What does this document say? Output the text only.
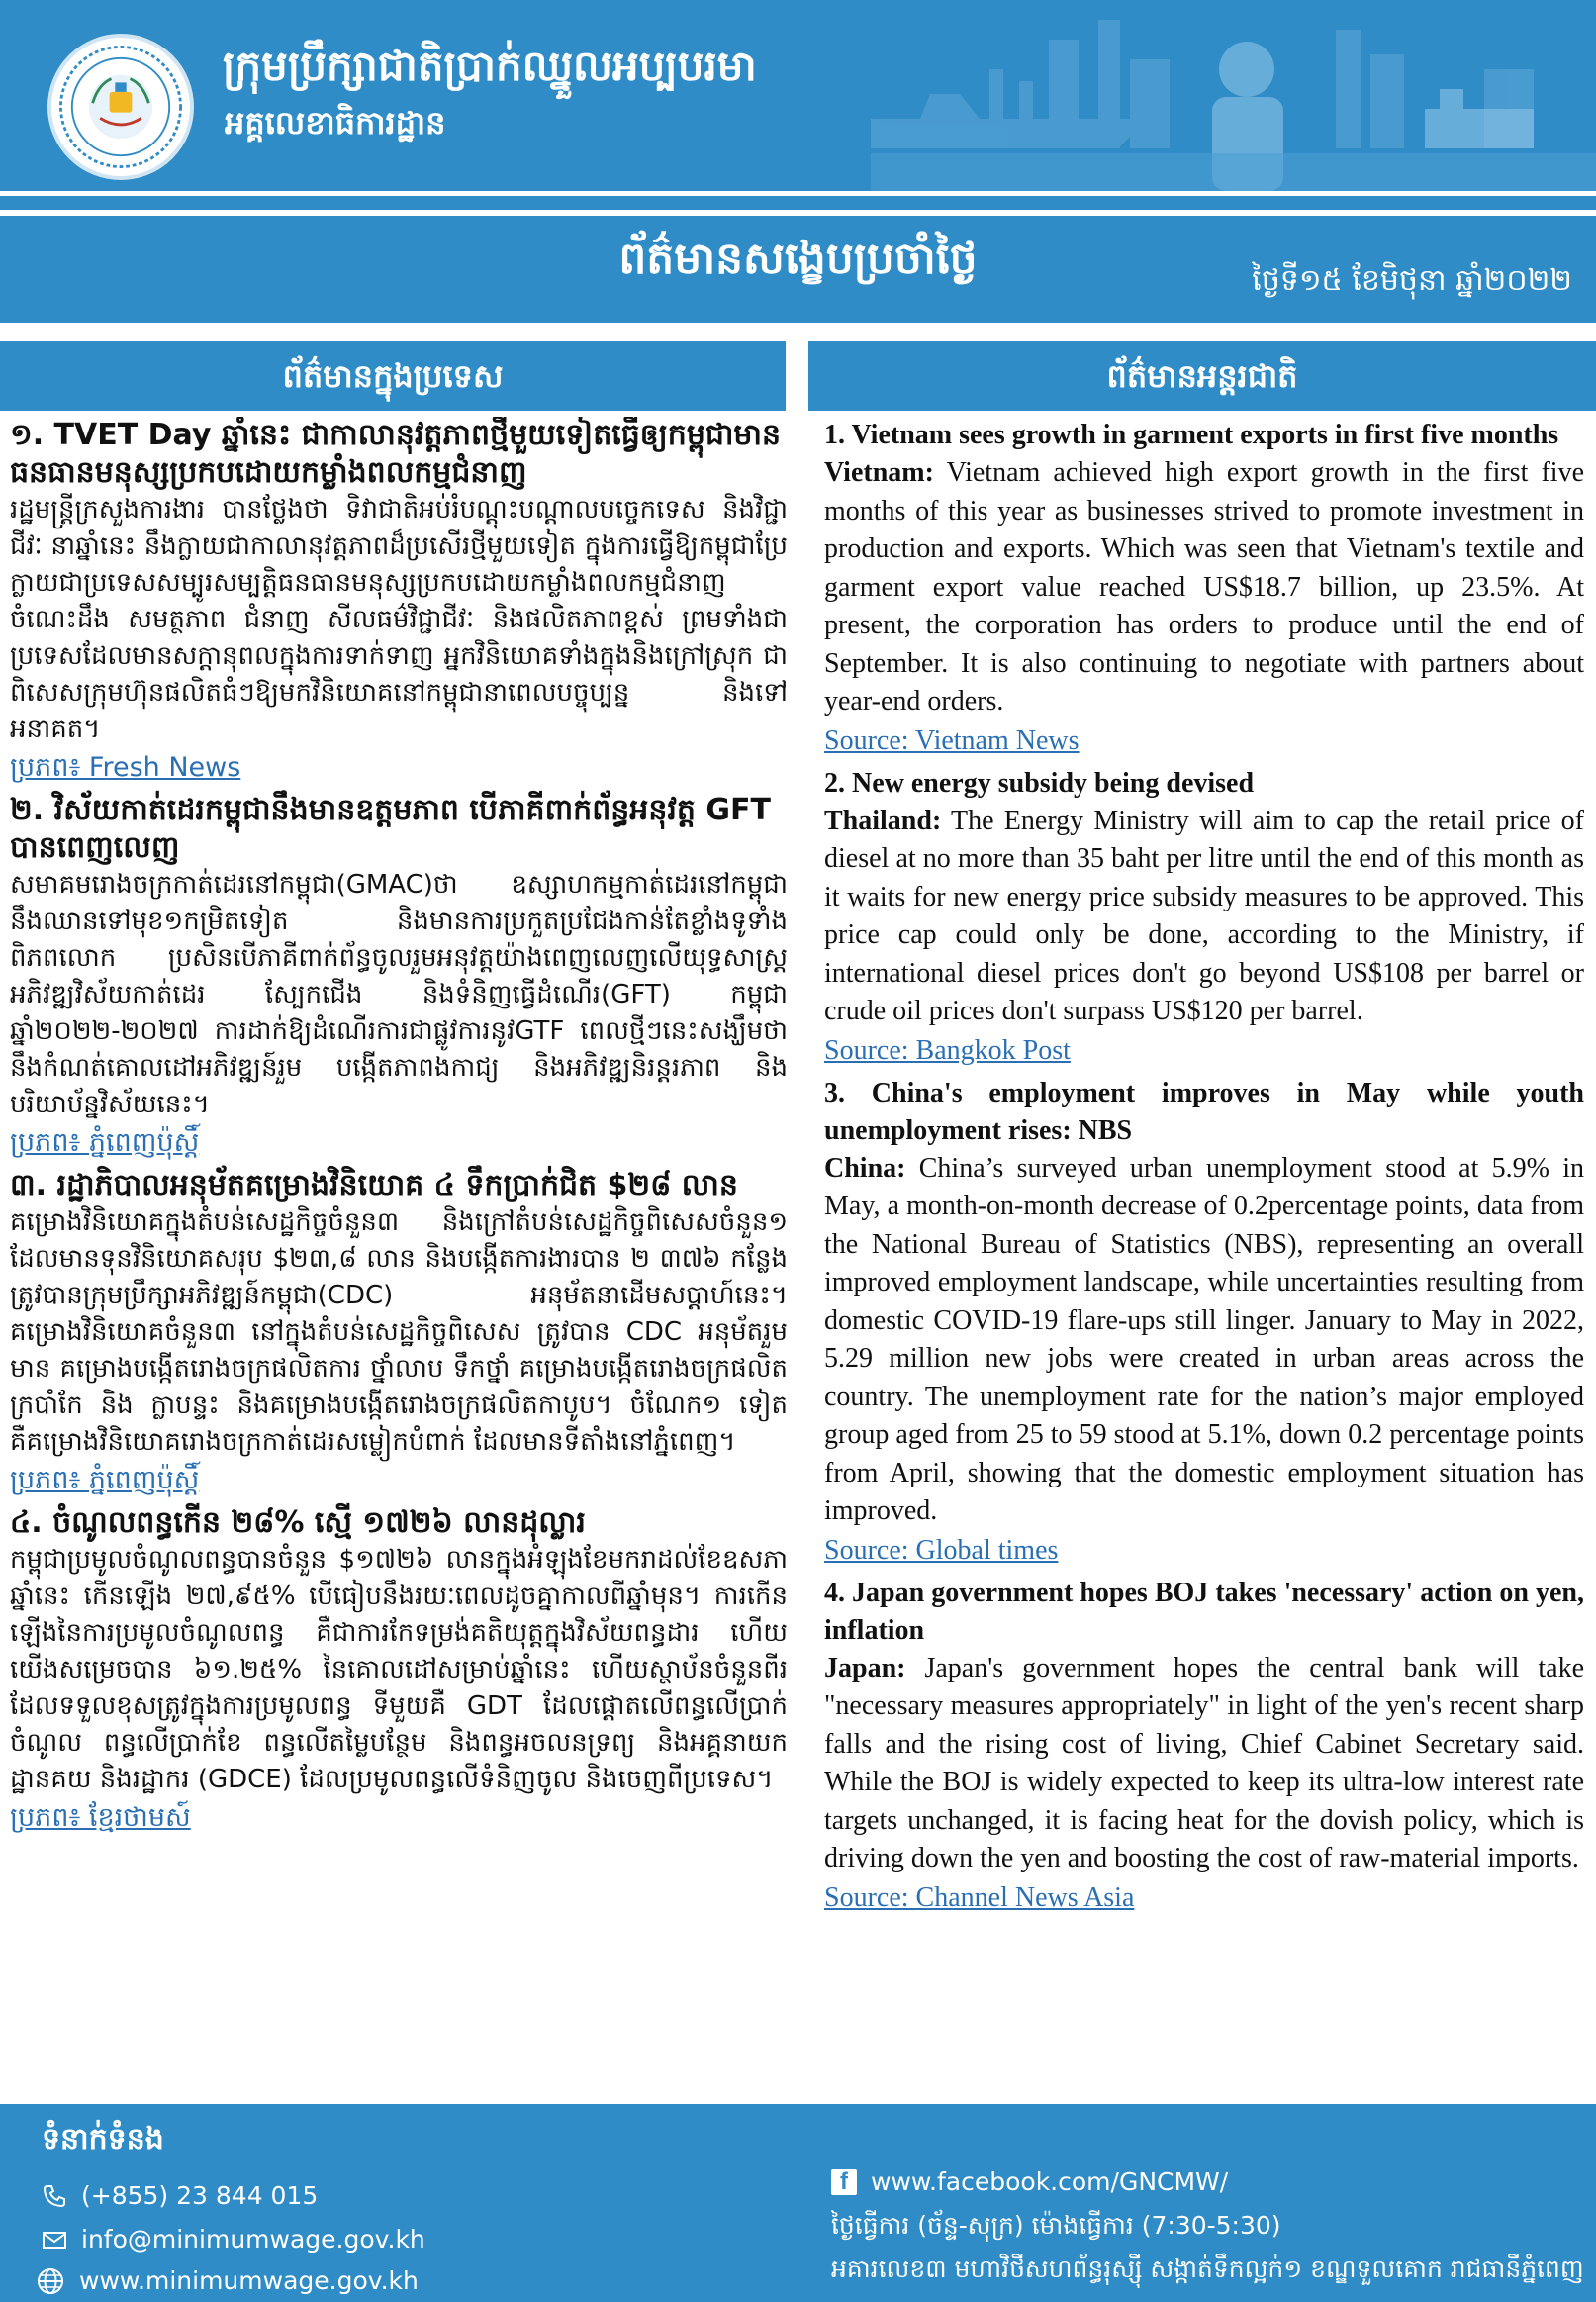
ក្រុមប្រឹក្សាជាតិប្រាក់ឈ្នួលអប្បបរមា
អគ្គលេខាធិការដ្ឋាន
ព័ត៌មានសង្ខេបប្រចាំថ្ងៃ	ថ្ងៃទី១៥ ខែមិថុនា ឆ្នាំ២០២២
ព័ត៌មានក្នុងប្រទេស	ព័ត៌មានអន្តរជាតិ
១. TVET Day ឆ្នាំនេះ ជាកាលានុវត្តភាពថ្មីមួយទៀតធ្វើឲ្យកម្ពុជាមានធនធានមនុស្សប្រកបដោយកម្លាំងពលកម្មជំនាញ
រដ្ឋមន្ត្រីក្រសួងការងារ បានថ្លែងថា ទិវាជាតិអប់រំបណ្តុះបណ្តាលបច្ចេកទេស និងវិជ្ជាជីវៈ នាឆ្នាំនេះ នឹងក្លាយជាកាលានុវត្តភាពដ៏ប្រសើរថ្មីមួយទៀត ក្នុងការធ្វើឱ្យកម្ពុជាប្រែក្លាយជាប្រទេសសម្បូរសម្បត្តិធនធានមនុស្សប្រកបដោយកម្លាំងពលកម្មជំនាញ ចំណេះដឹង សមត្ថភាព ជំនាញ សីលធម៌វិជ្ជាជីវៈ និងផលិតភាពខ្ពស់ ព្រមទាំងជាប្រទេសដែលមានសក្តានុពលក្នុងការទាក់ទាញ អ្នកវិនិយោគទាំងក្នុងនិងក្រៅស្រុក ជាពិសេសក្រុមហ៊ុនផលិតធំៗឱ្យមកវិនិយោគនៅកម្ពុជានាពេលបច្ចុប្បន្ន និងទៅអនាគត។
ប្រភព៖ Fresh News
២. វិស័យកាត់ដេរកម្ពុជានឹងមានឧត្តមភាព បើភាគីពាក់ព័ន្ធអនុវត្ត GFT បានពេញលេញ
សមាគមរោងចក្រកាត់ដេរនៅកម្ពុជា(GMAC)ថា ឧស្សាហកម្មកាត់ដេរនៅកម្ពុជានឹងឈានទៅមុខ១កម្រិតទៀត និងមានការប្រកួតប្រជែងកាន់តែខ្លាំងទូទាំងពិភពលោក ប្រសិនបើភាគីពាក់ព័ន្ធចូលរួមអនុវត្តយ៉ាងពេញលេញលើយុទ្ធសាស្ត្រអភិវឌ្ឍវិស័យកាត់ដេរ ស្បែកជើង និងទំនិញធ្វើដំណើរ(GFT) កម្ពុជាឆ្នាំ២០២២-២០២៧ ការដាក់ឱ្យដំណើរការជាផ្លូវការនូវGTF ពេលថ្មីៗនេះសង្ឃឹមថានឹងកំណត់គោលដៅអភិវឌ្ឍន៍រួម បង្កើតភាពងកាជ្យ និងអភិវឌ្ឍនិរន្តរភាព និងបរិយាប័ន្នវិស័យនេះ។
ប្រភព៖ ភ្នំពេញប៉ុស្តិ៍
៣. រដ្ឋាភិបាលអនុម័តគម្រោងវិនិយោគ ៤ ទឹកប្រាក់ជិត $២៨ លាន
គម្រោងវិនិយោគក្នុងតំបន់សេដ្ឋកិច្ចចំនួន៣ និងក្រៅតំបន់សេដ្ឋកិច្ចពិសេសចំនួន១ ដែលមានទុនវិនិយោគសរុប $២៣,៨ លាន និងបង្កើតការងារបាន ២ ៣៧៦ កន្លែង ត្រូវបានក្រុមប្រឹក្សាអភិវឌ្ឍន៍កម្ពុជា(CDC) អនុម័តនាដើមសប្តាហ៍នេះ។ គម្រោងវិនិយោគចំនួន៣ នៅក្នុងតំបន់សេដ្ឋកិច្ចពិសេស ត្រូវបាន CDC អនុម័តរួមមាន គម្រោងបង្កើតរោងចក្រផលិតការ ថ្នាំលាប ទឹកថ្នាំ គម្រោងបង្កើតរោងចក្រផលិតក្របាំកែ និង ក្លាបន្ទះ និងគម្រោងបង្កើតរោងចក្រផលិតកាបូប។ ចំណែក១ ទៀត គឺគម្រោងវិនិយោគរោងចក្រកាត់ដេរសម្លៀកបំពាក់ ដែលមានទីតាំងនៅភ្នំពេញ។
ប្រភព៖ ភ្នំពេញប៉ុស្តិ៍
៤. ចំណូលពន្ធកើន ២៨% ស្មើ ១៧២៦ លានដុល្លារ
កម្ពុជាប្រមូលចំណូលពន្ធបានចំនួន $១៧២៦ លានក្នុងអំឡុងខែមករាដល់ខែឧសភាឆ្នាំនេះ កើនឡើង ២៧,៩៥% បើធៀបនឹងរយៈពេលដូចគ្នាកាលពីឆ្នាំមុន។ ការកើនឡើងនៃការប្រមូលចំណូលពន្ធ គឺជាការកែទម្រង់គតិយុត្តក្នុងវិស័យពន្ធដារ ហើយយើងសម្រេចបាន ៦១.២៥% នៃគោលដៅសម្រាប់ឆ្នាំនេះ ហើយស្ថាប័នចំនួនពីរ ដែលទទួលខុសត្រូវក្នុងការប្រមូលពន្ធ ទីមួយគឺ GDT ដែលផ្តោតលើពន្ធលើប្រាក់ចំណូល ពន្ធលើប្រាក់ខែ ពន្ធលើតម្លៃបន្ថែម និងពន្ធអចលនទ្រព្យ និងអគ្គនាយកដ្ឋានគយ និងរដ្ឋាករ (GDCE) ដែលប្រមូលពន្ធលើទំនិញចូល និងចេញពីប្រទេស។
ប្រភព៖ ខ្មែរថាមស៍
1. Vietnam sees growth in garment exports in first five months
Vietnam: Vietnam achieved high export growth in the first five months of this year as businesses strived to promote investment in production and exports. Which was seen that Vietnam's textile and garment export value reached US$18.7 billion, up 23.5%. At present, the corporation has orders to produce until the end of September. It is also continuing to negotiate with partners about year-end orders.
Source: Vietnam News
2. New energy subsidy being devised
Thailand: The Energy Ministry will aim to cap the retail price of diesel at no more than 35 baht per litre until the end of this month as it waits for new energy price subsidy measures to be approved. This price cap could only be done, according to the Ministry, if international diesel prices don't go beyond US$108 per barrel or crude oil prices don't surpass US$120 per barrel.
Source: Bangkok Post
3. China's employment improves in May while youth unemployment rises: NBS
China: China’s surveyed urban unemployment stood at 5.9% in May, a month-on-month decrease of 0.2percentage points, data from the National Bureau of Statistics (NBS), representing an overall improved employment landscape, while uncertainties resulting from domestic COVID-19 flare-ups still linger. January to May in 2022, 5.29 million new jobs were created in urban areas across the country. The unemployment rate for the nation’s major employed group aged from 25 to 59 stood at 5.1%, down 0.2 percentage points from April, showing that the domestic employment situation has improved.
Source: Global times
4. Japan government hopes BOJ takes 'necessary' action on yen, inflation
Japan: Japan's government hopes the central bank will take "necessary measures appropriately" in light of the yen's recent sharp falls and the rising cost of living, Chief Cabinet Secretary said. While the BOJ is widely expected to keep its ultra-low interest rate targets unchanged, it is facing heat for the dovish policy, which is driving down the yen and boosting the cost of raw-material imports.
Source: Channel News Asia
ទំនាក់ទំនង
(+855) 23 844 015
info@minimumwage.gov.kh
www.minimumwage.gov.kh
f www.facebook.com/GNCMW/
ថ្ងៃធ្វើការ (ច័ន្ទ-សុក្រ) ម៉ោងធ្វើការ (7:30-5:30)
អគារលេខ៣ មហាវិថីសហព័ន្ធរុស្ស៊ី សង្កាត់ទឹកល្អក់១ ខណ្ឌទួលគោក រាជធានីភ្នំពេញ
